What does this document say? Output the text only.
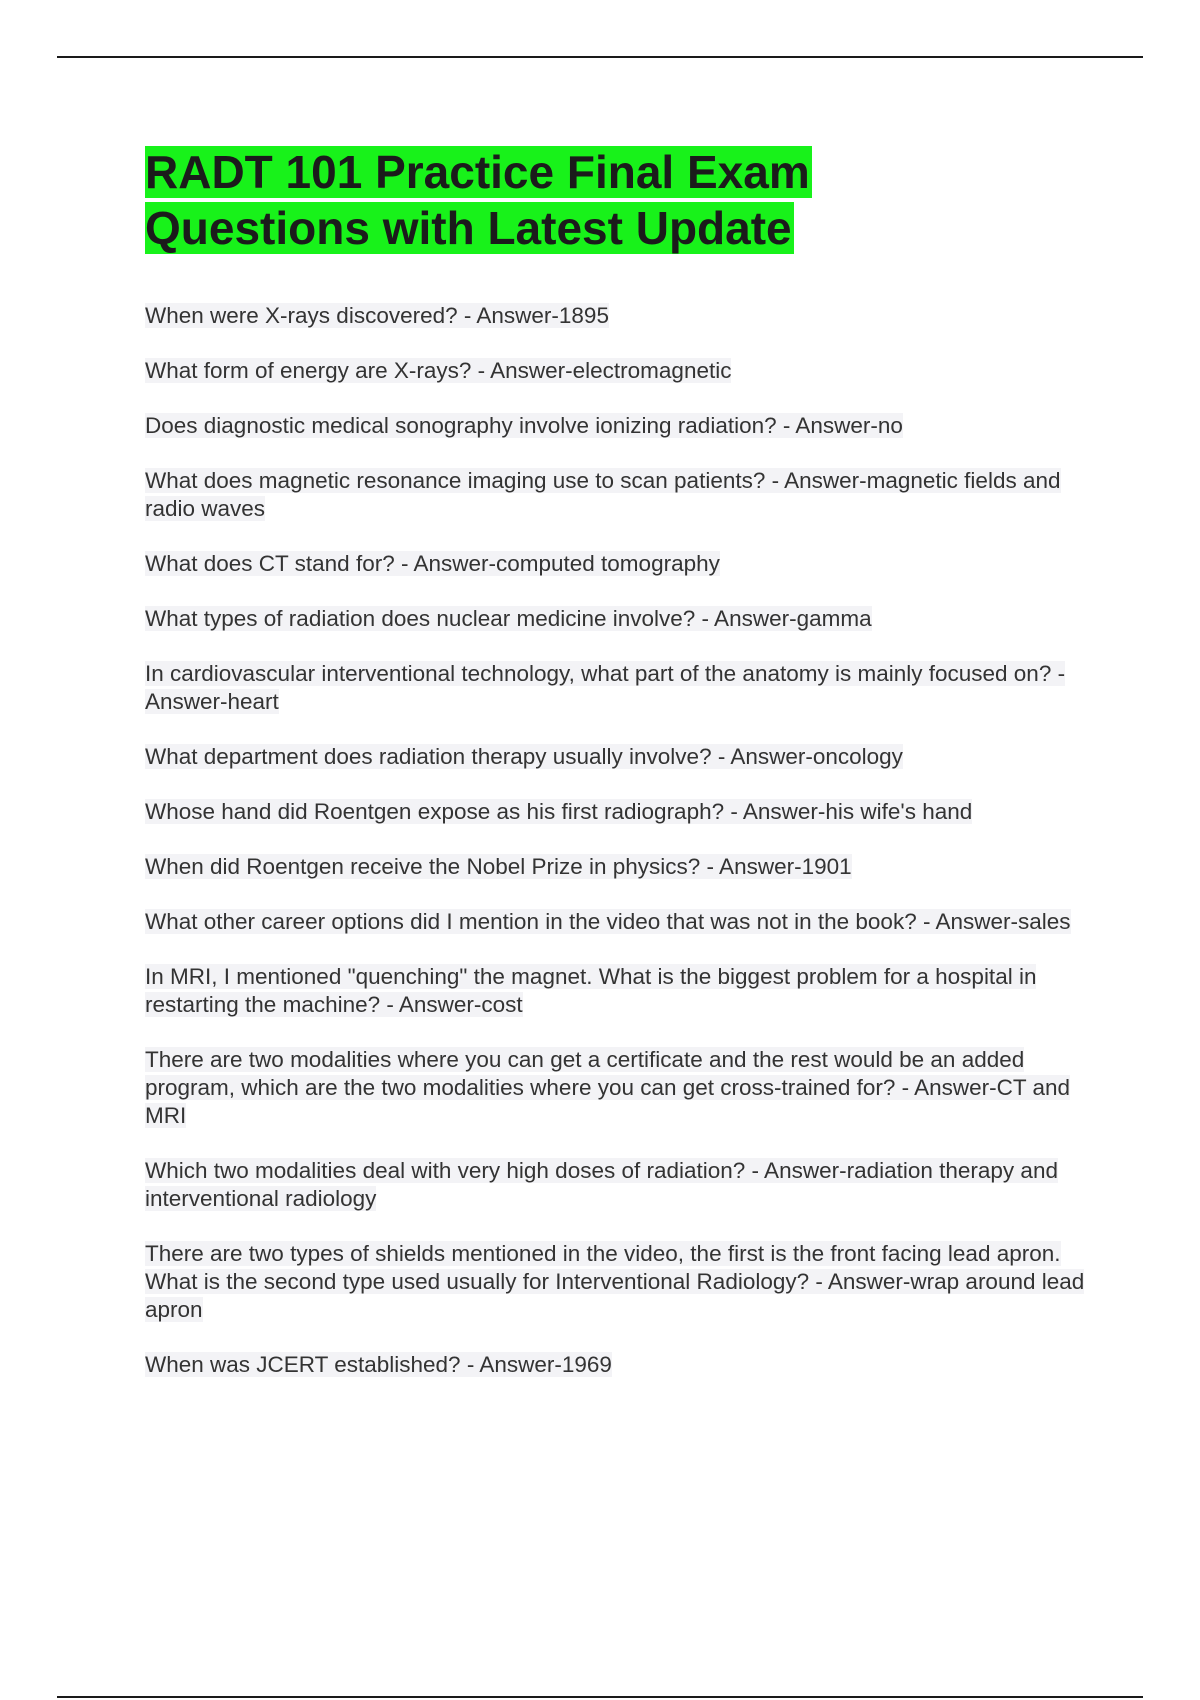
RADT 101 Practice Final Exam Questions with Latest Update
When were X-rays discovered? - Answer-1895
What form of energy are X-rays? - Answer-electromagnetic
Does diagnostic medical sonography involve ionizing radiation? - Answer-no
What does magnetic resonance imaging use to scan patients? - Answer-magnetic fields and radio waves
What does CT stand for? - Answer-computed tomography
What types of radiation does nuclear medicine involve? - Answer-gamma
In cardiovascular interventional technology, what part of the anatomy is mainly focused on? - Answer-heart
What department does radiation therapy usually involve? - Answer-oncology
Whose hand did Roentgen expose as his first radiograph? - Answer-his wife's hand
When did Roentgen receive the Nobel Prize in physics? - Answer-1901
What other career options did I mention in the video that was not in the book? - Answer-sales
In MRI, I mentioned "quenching" the magnet. What is the biggest problem for a hospital in restarting the machine? - Answer-cost
There are two modalities where you can get a certificate and the rest would be an added program, which are the two modalities where you can get cross-trained for? - Answer-CT and MRI
Which two modalities deal with very high doses of radiation? - Answer-radiation therapy and interventional radiology
There are two types of shields mentioned in the video, the first is the front facing lead apron. What is the second type used usually for Interventional Radiology? - Answer-wrap around lead apron
When was JCERT established? - Answer-1969
